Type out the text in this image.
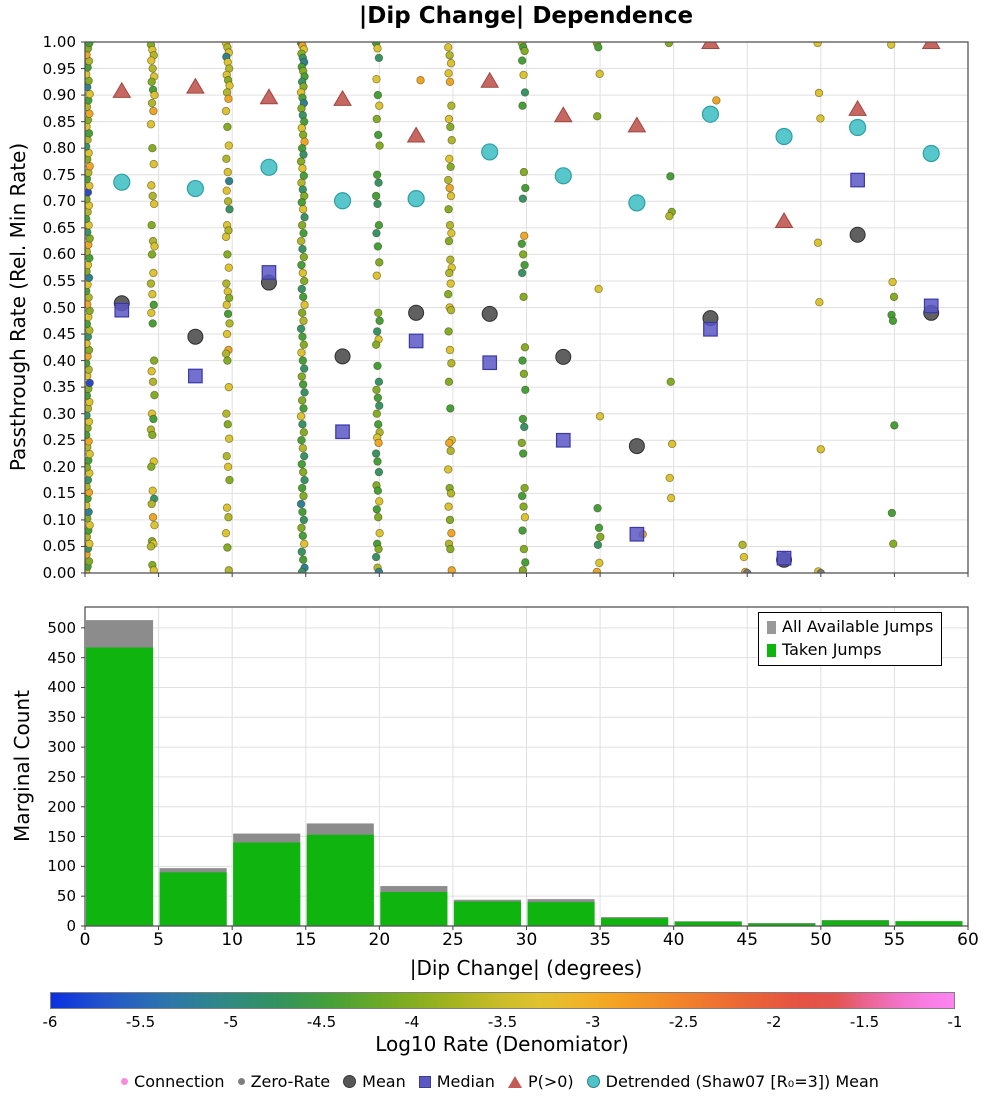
|Dip Change| Dependence
Passthrough Rate (Rel. Min Rate)
0.00
0.05
0.10
0.15
0.20
0.25
0.30
0.35
0.40
0.45
0.50
0.55
0.60
0.65
0.70
0.75
0.80
0.85
0.90
0.95
1.00
Marginal Count
0
50
100
150
200
250
300
350
400
450
500
0	5	10	15	20	25	30	35	40	45	50	55	60
All Available Jumps
Taken Jumps
|Dip Change| (degrees)
-6	-5.5	-5	-4.5	-4	-3.5	-3	-2.5	-2	-1.5	-1
Log10 Rate (Denomiator)
Connection Zero-Rate Mean Median P(>0) Detrended (Shaw07 [R₀=3]) Mean
